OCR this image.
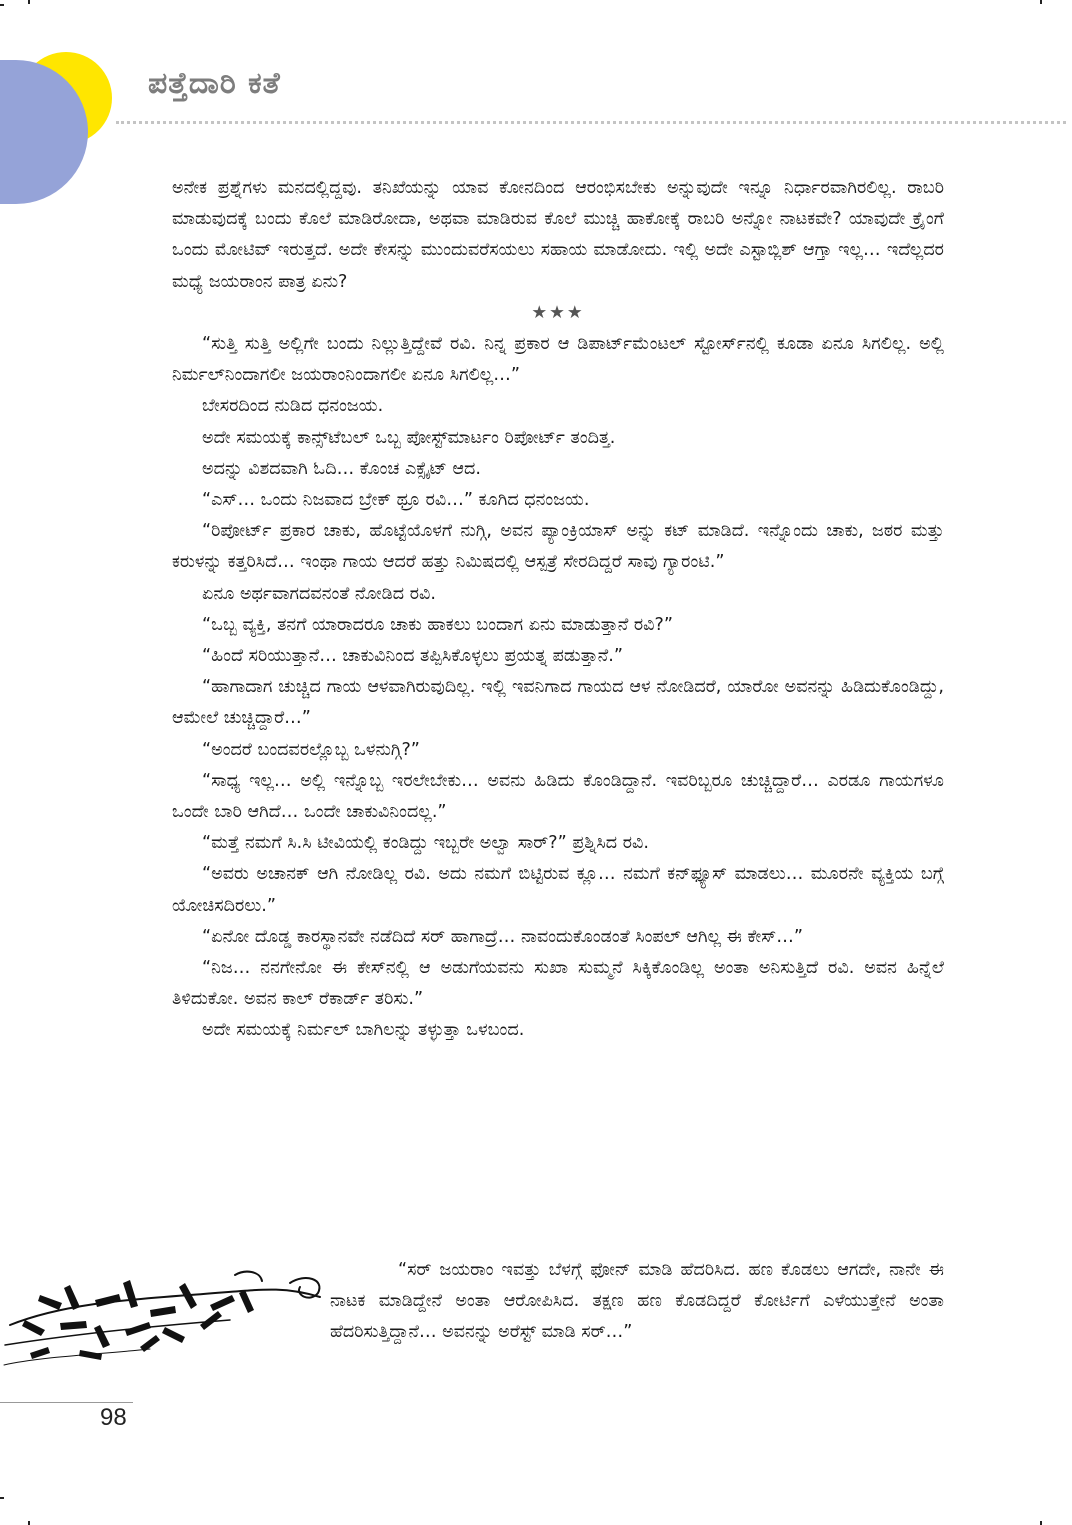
ಪತ್ತೆದಾರಿ ಕತೆ

ಅನೇಕ ಪ್ರಶ್ನೆಗಳು ಮನದಲ್ಲಿದ್ದವು. ತನಿಖೆಯನ್ನು ಯಾವ ಕೋನದಿಂದ ಆರಂಭಿಸಬೇಕು ಅನ್ನುವುದೇ ಇನ್ನೂ ನಿರ್ಧಾರವಾಗಿರಲಿಲ್ಲ. ರಾಬರಿ ಮಾಡುವುದಕ್ಕೆ ಬಂದು ಕೊಲೆ ಮಾಡಿರೋದಾ, ಅಥವಾ ಮಾಡಿರುವ ಕೊಲೆ ಮುಚ್ಚಿ ಹಾಕೋಕ್ಕೆ ರಾಬರಿ ಅನ್ನೋ ನಾಟಕವೇ? ಯಾವುದೇ ಕ್ರೈಂಗೆ ಒಂದು ಮೋಟಿವ್ ಇರುತ್ತದೆ. ಅದೇ ಕೇಸನ್ನು ಮುಂದುವರೆಸಯಲು ಸಹಾಯ ಮಾಡೋದು. ಇಲ್ಲಿ ಅದೇ ಎಸ್ಟಾಬ್ಲಿಶ್ ಆಗ್ತಾ ಇಲ್ಲ… ಇದೆಲ್ಲದರ ಮಧ್ಯೆ ಜಯರಾಂನ ಪಾತ್ರ ಏನು?

★★★

“ಸುತ್ತಿ ಸುತ್ತಿ ಅಲ್ಲಿಗೇ ಬಂದು ನಿಲ್ಲುತ್ತಿದ್ದೇವೆ ರವಿ. ನಿನ್ನ ಪ್ರಕಾರ ಆ ಡಿಪಾರ್ಟ್‌ಮೆಂಟಲ್ ಸ್ಟೋರ್ಸ್‌ನಲ್ಲಿ ಕೂಡಾ ಏನೂ ಸಿಗಲಿಲ್ಲ. ಅಲ್ಲಿ ನಿರ್ಮಲ್‌ನಿಂದಾಗಲೀ ಜಯರಾಂನಿಂದಾಗಲೀ ಏನೂ ಸಿಗಲಿಲ್ಲ…”

ಬೇಸರದಿಂದ ನುಡಿದ ಧನಂಜಯ.

ಅದೇ ಸಮಯಕ್ಕೆ ಕಾನ್ಸ್‌ಟೆಬಲ್ ಒಬ್ಬ ಪೋಸ್ಟ್‌ಮಾರ್ಟಂ ರಿಪೋರ್ಟ್ ತಂದಿತ್ತ.

ಅದನ್ನು ವಿಶದವಾಗಿ ಓದಿ… ಕೊಂಚ ಎಕ್ಸೈಟ್ ಆದ.

“ಎಸ್… ಒಂದು ನಿಜವಾದ ಬ್ರೇಕ್ ಥ್ರೂ ರವಿ…” ಕೂಗಿದ ಧನಂಜಯ.

“ರಿಪೋರ್ಟ್ ಪ್ರಕಾರ ಚಾಕು, ಹೊಟ್ಟೆಯೊಳಗೆ ನುಗ್ಗಿ, ಅವನ ಪ್ಯಾಂಕ್ರಿಯಾಸ್ ಅನ್ನು ಕಟ್ ಮಾಡಿದೆ. ಇನ್ನೊಂದು ಚಾಕು, ಜಠರ ಮತ್ತು ಕರುಳನ್ನು ಕತ್ತರಿಸಿದೆ… ಇಂಥಾ ಗಾಯ ಆದರೆ ಹತ್ತು ನಿಮಿಷದಲ್ಲಿ ಆಸ್ಪತ್ರೆ ಸೇರದಿದ್ದರೆ ಸಾವು ಗ್ಯಾರಂಟಿ.”

ಏನೂ ಅರ್ಥವಾಗದವನಂತೆ ನೋಡಿದ ರವಿ.

“ಒಬ್ಬ ವ್ಯಕ್ತಿ, ತನಗೆ ಯಾರಾದರೂ ಚಾಕು ಹಾಕಲು ಬಂದಾಗ ಏನು ಮಾಡುತ್ತಾನೆ ರವಿ?”

“ಹಿಂದೆ ಸರಿಯುತ್ತಾನೆ… ಚಾಕುವಿನಿಂದ ತಪ್ಪಿಸಿಕೊಳ್ಳಲು ಪ್ರಯತ್ನ ಪಡುತ್ತಾನೆ.”

“ಹಾಗಾದಾಗ ಚುಚ್ಚಿದ ಗಾಯ ಆಳವಾಗಿರುವುದಿಲ್ಲ. ಇಲ್ಲಿ ಇವನಿಗಾದ ಗಾಯದ ಆಳ ನೋಡಿದರೆ, ಯಾರೋ ಅವನನ್ನು ಹಿಡಿದುಕೊಂಡಿದ್ದು, ಆಮೇಲೆ ಚುಚ್ಚಿದ್ದಾರೆ…”

“ಅಂದರೆ ಬಂದವರಲ್ಲೊಬ್ಬ ಒಳನುಗ್ಗಿ?”

“ಸಾಧ್ಯ ಇಲ್ಲ… ಅಲ್ಲಿ ಇನ್ನೊಬ್ಬ ಇರಲೇಬೇಕು… ಅವನು ಹಿಡಿದು ಕೊಂಡಿದ್ದಾನೆ. ಇವರಿಬ್ಬರೂ ಚುಚ್ಚಿದ್ದಾರೆ… ಎರಡೂ ಗಾಯಗಳೂ ಒಂದೇ ಬಾರಿ ಆಗಿದೆ… ಒಂದೇ ಚಾಕುವಿನಿಂದಲ್ಲ.”

“ಮತ್ತೆ ನಮಗೆ ಸಿ.ಸಿ ಟೀವಿಯಲ್ಲಿ ಕಂಡಿದ್ದು ಇಬ್ಬರೇ ಅಲ್ವಾ ಸಾರ್?” ಪ್ರಶ್ನಿಸಿದ ರವಿ.

“ಅವರು ಅಚಾನಕ್ ಆಗಿ ನೋಡಿಲ್ಲ ರವಿ. ಅದು ನಮಗೆ ಬಿಟ್ಟಿರುವ ಕ್ಲೂ… ನಮಗೆ ಕನ್‌ಫ್ಯೂಸ್ ಮಾಡಲು… ಮೂರನೇ ವ್ಯಕ್ತಿಯ ಬಗ್ಗೆ ಯೋಚಿಸದಿರಲು.”

“ಏನೋ ದೊಡ್ಡ ಕಾರಸ್ಥಾನವೇ ನಡೆದಿದೆ ಸರ್ ಹಾಗಾದ್ರೆ… ನಾವಂದುಕೊಂಡಂತೆ ಸಿಂಪಲ್ ಆಗಿಲ್ಲ ಈ ಕೇಸ್…”

“ನಿಜ… ನನಗೇನೋ ಈ ಕೇಸ್‌ನಲ್ಲಿ ಆ ಅಡುಗೆಯವನು ಸುಖಾ ಸುಮ್ಮನೆ ಸಿಕ್ಕಿಕೊಂಡಿಲ್ಲ ಅಂತಾ ಅನಿಸುತ್ತಿದೆ ರವಿ. ಅವನ ಹಿನ್ನೆಲೆ ತಿಳಿದುಕೋ. ಅವನ ಕಾಲ್ ರೆಕಾರ್ಡ್ ತರಿಸು.”

ಅದೇ ಸಮಯಕ್ಕೆ ನಿರ್ಮಲ್ ಬಾಗಿಲನ್ನು ತಳ್ಳುತ್ತಾ ಒಳಬಂದ.

“ಸರ್ ಜಯರಾಂ ಇವತ್ತು ಬೆಳಗ್ಗೆ ಫೋನ್ ಮಾಡಿ ಹೆದರಿಸಿದ. ಹಣ ಕೊಡಲು ಆಗದೇ, ನಾನೇ ಈ ನಾಟಕ ಮಾಡಿದ್ದೇನೆ ಅಂತಾ ಆರೋಪಿಸಿದ. ತಕ್ಷಣ ಹಣ ಕೊಡದಿದ್ದರೆ ಕೋರ್ಟಿಗೆ ಎಳೆಯುತ್ತೇನೆ ಅಂತಾ ಹೆದರಿಸುತ್ತಿದ್ದಾನೆ… ಅವನನ್ನು ಅರೆಸ್ಟ್ ಮಾಡಿ ಸರ್…”

98
